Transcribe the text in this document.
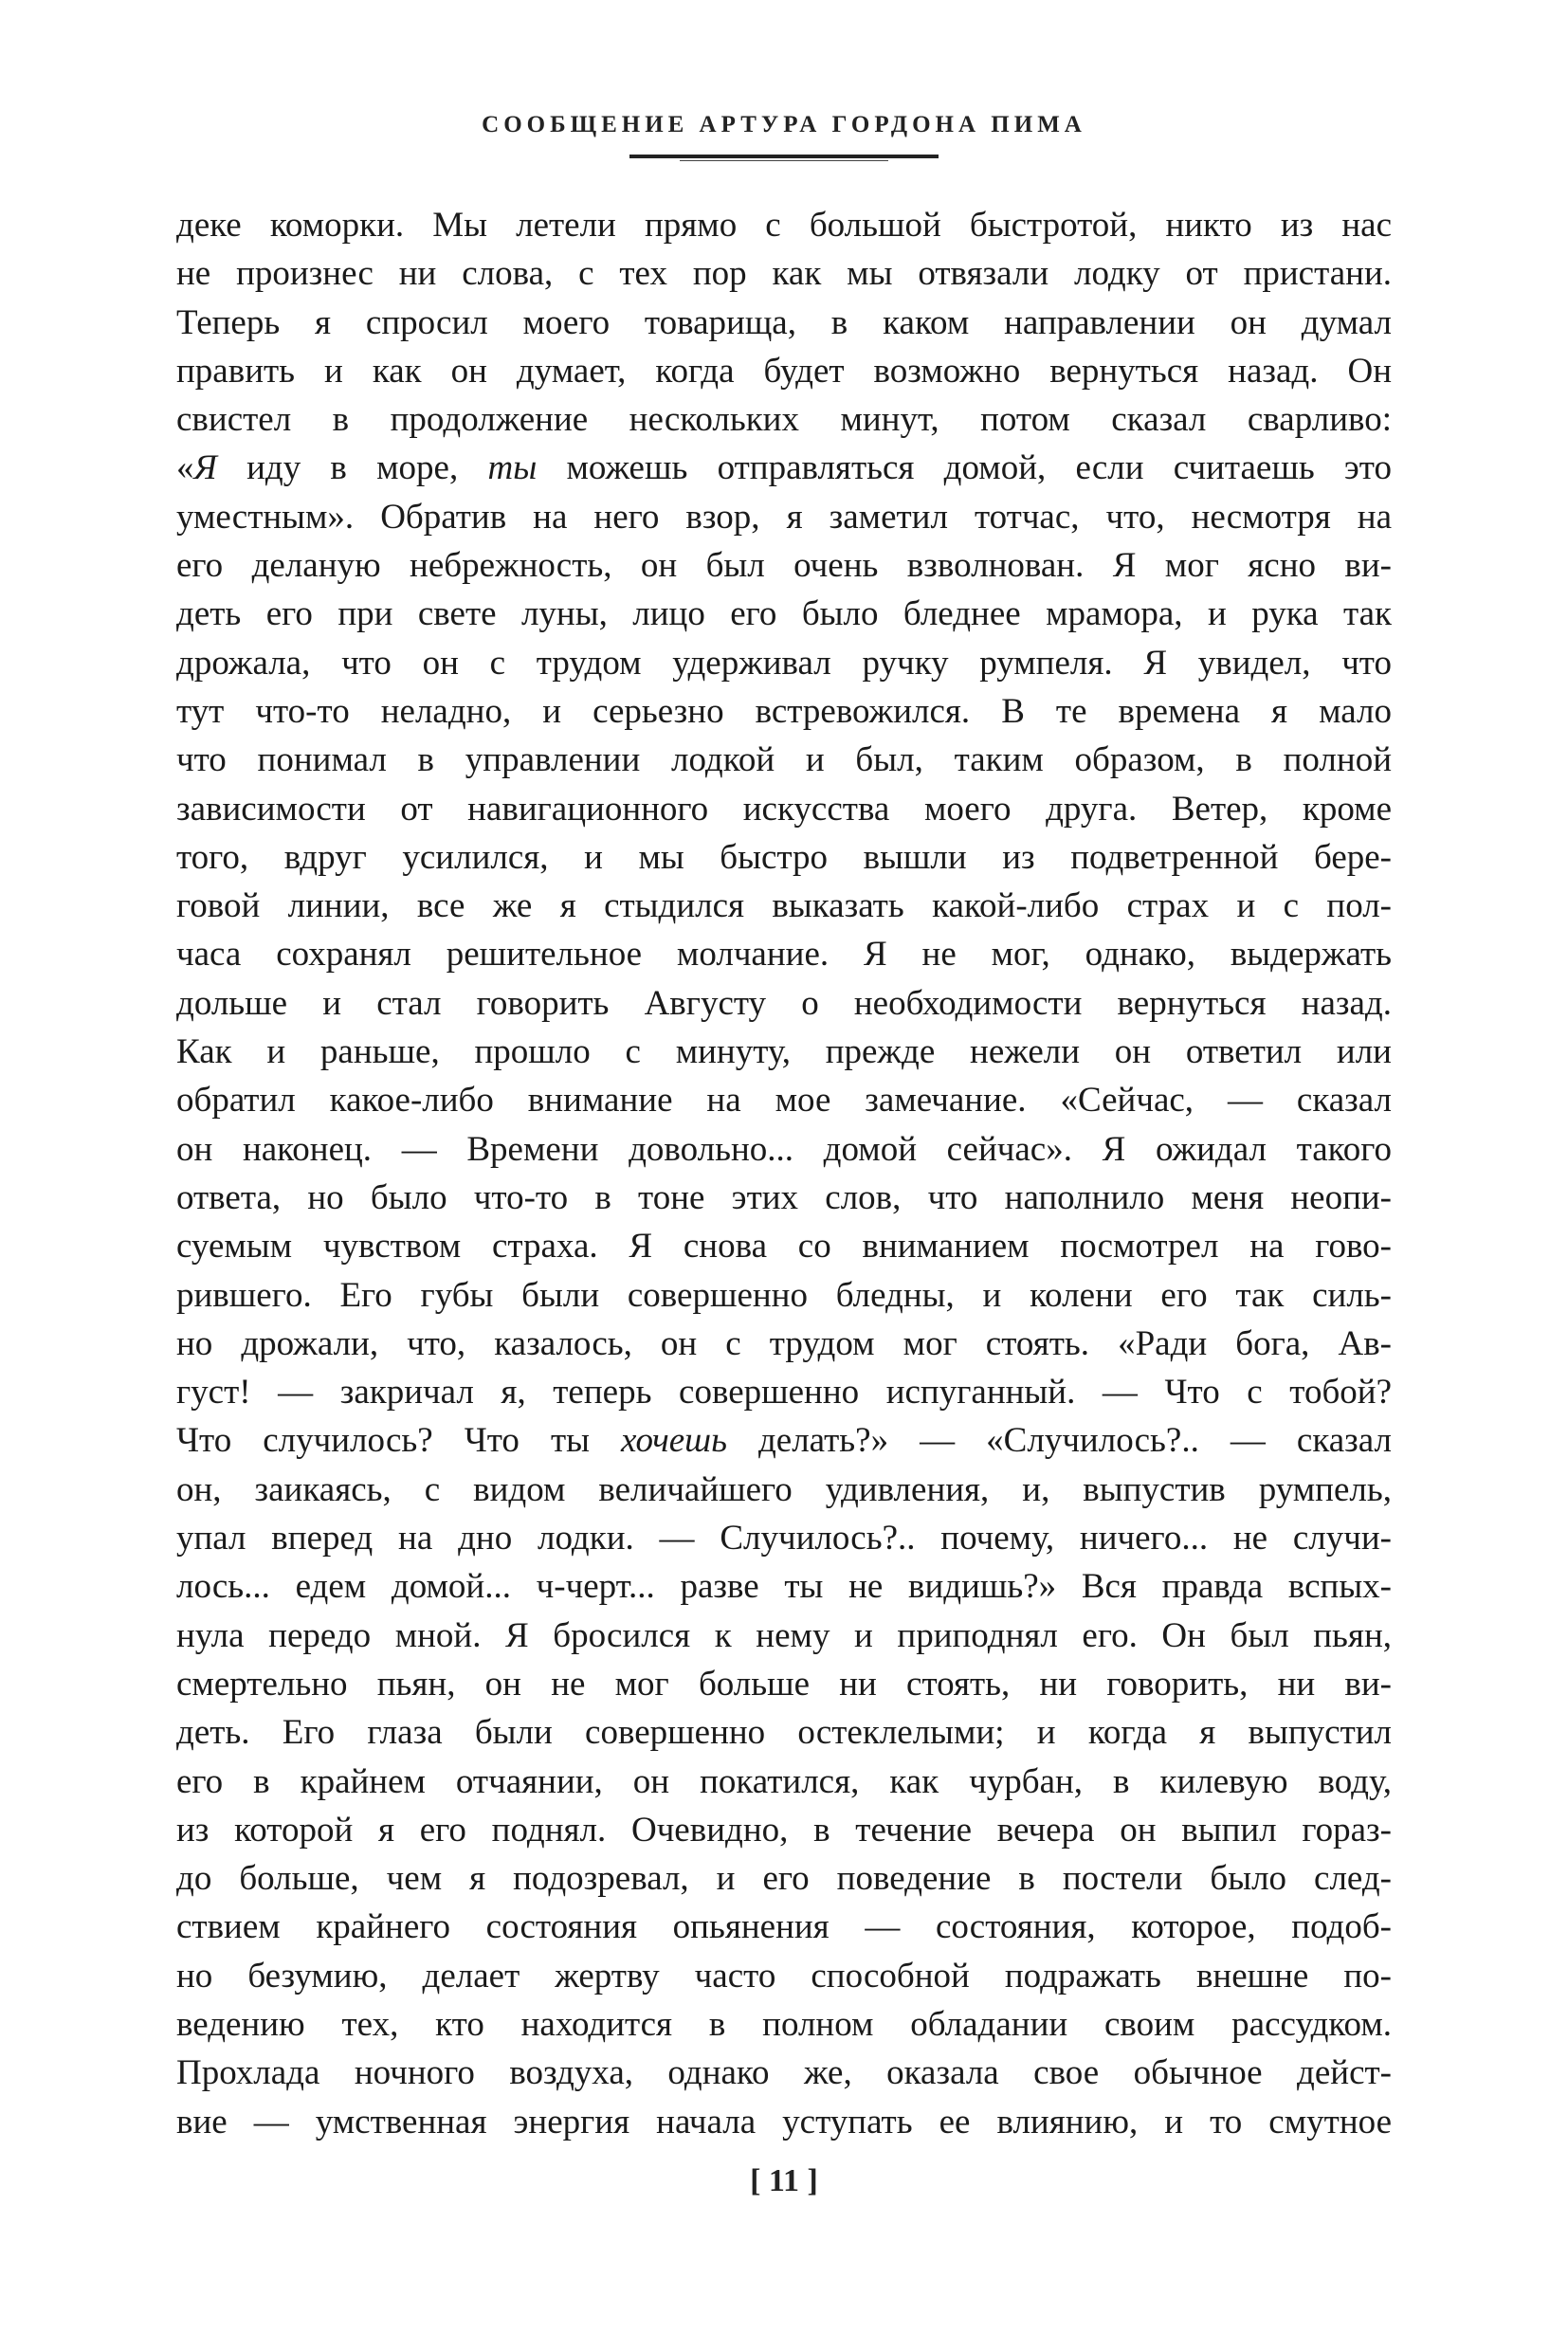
СООБЩЕНИЕ АРТУРА ГОРДОНА ПИМА
деке коморки. Мы летели прямо с большой быстротой, никто из нас
не произнес ни слова, с тех пор как мы отвязали лодку от пристани.
Теперь я спросил моего товарища, в каком направлении он думал
править и как он думает, когда будет возможно вернуться назад. Он
свистел в продолжение нескольких минут, потом сказал сварливо:
«Я иду в море, ты можешь отправляться домой, если считаешь это
уместным». Обратив на него взор, я заметил тотчас, что, несмотря на
его деланую небрежность, он был очень взволнован. Я мог ясно ви-
деть его при свете луны, лицо его было бледнее мрамора, и рука так
дрожала, что он с трудом удерживал ручку румпеля. Я увидел, что
тут что-то неладно, и серьезно встревожился. В те времена я мало
что понимал в управлении лодкой и был, таким образом, в полной
зависимости от навигационного искусства моего друга. Ветер, кроме
того, вдруг усилился, и мы быстро вышли из подветренной бере-
говой линии, все же я стыдился выказать какой-либо страх и с пол-
часа сохранял решительное молчание. Я не мог, однако, выдержать
дольше и стал говорить Августу о необходимости вернуться назад.
Как и раньше, прошло с минуту, прежде нежели он ответил или
обратил какое-либо внимание на мое замечание. «Сейчас, — сказал
он наконец. — Времени довольно... домой сейчас». Я ожидал такого
ответа, но было что-то в тоне этих слов, что наполнило меня неопи-
суемым чувством страха. Я снова со вниманием посмотрел на гово-
рившего. Его губы были совершенно бледны, и колени его так силь-
но дрожали, что, казалось, он с трудом мог стоять. «Ради бога, Ав-
густ! — закричал я, теперь совершенно испуганный. — Что с тобой?
Что случилось? Что ты хочешь делать?» — «Случилось?.. — сказал
он, заикаясь, с видом величайшего удивления, и, выпустив румпель,
упал вперед на дно лодки. — Случилось?.. почему, ничего... не случи-
лось... едем домой... ч-черт... разве ты не видишь?» Вся правда вспых-
нула передо мной. Я бросился к нему и приподнял его. Он был пьян,
смертельно пьян, он не мог больше ни стоять, ни говорить, ни ви-
деть. Его глаза были совершенно остеклелыми; и когда я выпустил
его в крайнем отчаянии, он покатился, как чурбан, в килевую воду,
из которой я его поднял. Очевидно, в течение вечера он выпил горaз-
до больше, чем я подозревал, и его поведение в постели было след-
ствием крайнего состояния опьянения — состояния, которое, подоб-
но безумию, делает жертву часто способной подражать внешне по-
ведению тех, кто находится в полном обладании своим рассудком.
Прохлада ночного воздуха, однако же, оказала свое обычное дейст-
вие — умственная энергия начала уступать ее влиянию, и то смутное
[ 11 ]
